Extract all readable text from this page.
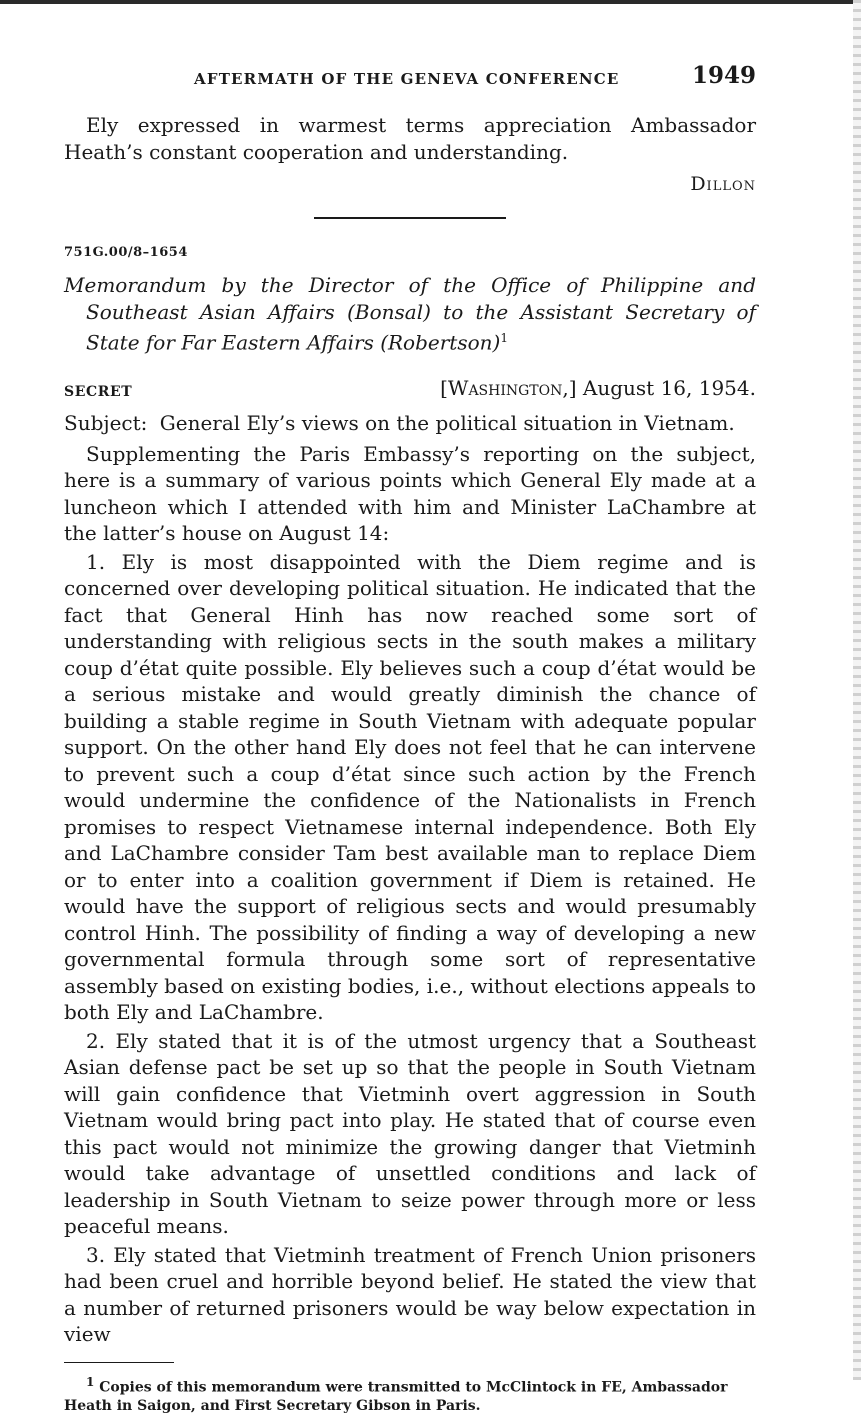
AFTERMATH OF THE GENEVA CONFERENCE	1949

Ely expressed in warmest terms appreciation Ambassador Heath’s constant cooperation and understanding.

Dillon
751G.00/8–1654

Memorandum by the Director of the Office of Philippine and Southeast Asian Affairs (Bonsal) to the Assistant Secretary of State for Far Eastern Affairs (Robertson)$^1$

SECRET	[Washington,] August 16, 1954.
Subject: General Ely’s views on the political situation in Vietnam.

Supplementing the Paris Embassy’s reporting on the subject, here is a summary of various points which General Ely made at a luncheon which I attended with him and Minister LaChambre at the latter’s house on August 14:

1. Ely is most disappointed with the Diem regime and is concerned over developing political situation. He indicated that the fact that General Hinh has now reached some sort of understanding with religious sects in the south makes a military coup d’état quite possible. Ely believes such a coup d’état would be a serious mistake and would greatly diminish the chance of building a stable regime in South Vietnam with adequate popular support. On the other hand Ely does not feel that he can intervene to prevent such a coup d’état since such action by the French would undermine the confidence of the Nationalists in French promises to respect Vietnamese internal independence. Both Ely and LaChambre consider Tam best available man to replace Diem or to enter into a coalition government if Diem is retained. He would have the support of religious sects and would presumably control Hinh. The possibility of finding a way of developing a new governmental formula through some sort of representative assembly based on existing bodies, i.e., without elections appeals to both Ely and LaChambre.

2. Ely stated that it is of the utmost urgency that a Southeast Asian defense pact be set up so that the people in South Vietnam will gain confidence that Vietminh overt aggression in South Vietnam would bring pact into play. He stated that of course even this pact would not minimize the growing danger that Vietminh would take advantage of unsettled conditions and lack of leadership in South Vietnam to seize power through more or less peaceful means.

3. Ely stated that Vietminh treatment of French Union prisoners had been cruel and horrible beyond belief. He stated the view that a number of returned prisoners would be way below expectation in view

1 Copies of this memorandum were transmitted to McClintock in FE, Ambassador Heath in Saigon, and First Secretary Gibson in Paris.
